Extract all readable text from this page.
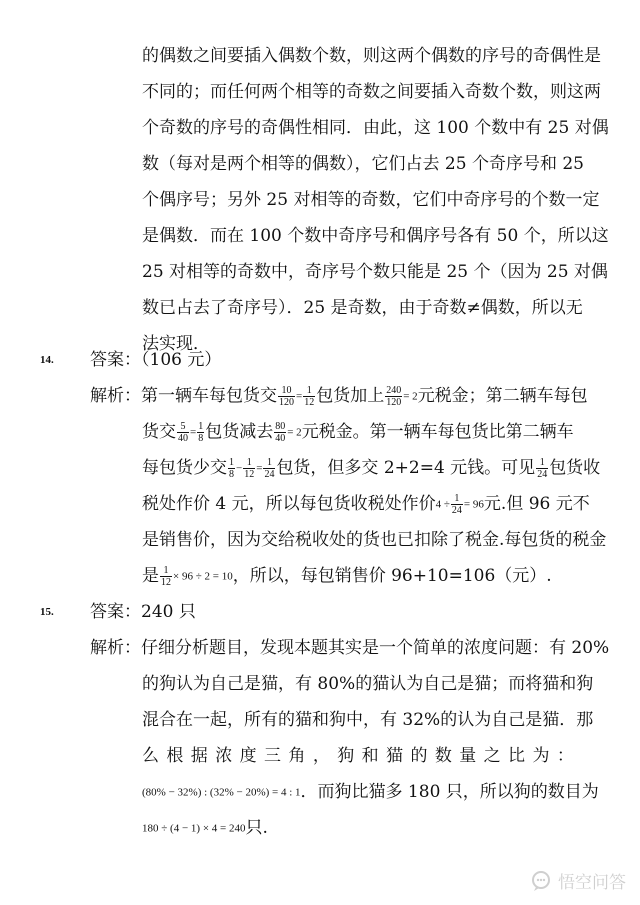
的偶数之间要插入偶数个数，则这两个偶数的序号的奇偶性是
不同的；而任何两个相等的奇数之间要插入奇数个数，则这两
个奇数的序号的奇偶性相同．由此，这 100 个数中有 25 对偶
数（每对是两个相等的偶数），它们占去 25 个奇序号和 25
个偶序号；另外 25 对相等的奇数，它们中奇序号的个数一定
是偶数．而在 100 个数中奇序号和偶序号各有 50 个，所以这
25 对相等的奇数中，奇序号个数只能是 25 个（因为 25 对偶
数已占去了奇序号）．25 是奇数，由于奇数≠偶数，所以无
法实现．
14. 答案：（106 元）
解析：第一辆车每包货交 $\frac{10}{120} = \frac{1}{12}$ 包货加上 $\frac{240}{120} = 2$元税金；第二辆车每包
货交 $\frac{5}{40} = \frac{1}{8}$ 包货减去 $\frac{80}{40} = 2$元税金。第一辆车每包货比第二辆车
每包货少交 $\frac{1}{8} - \frac{1}{12} = \frac{1}{24}$ 包货，但多交 2+2=4 元钱。可见 $\frac{1}{24}$ 包货收
税处作价 4 元，所以每包货收税处作价$4 \div \frac{1}{24} = 96$元.但 96 元不
是销售价，因为交给税收处的货也已扣除了税金.每包货的税金
是 $\frac{1}{12} \times 96 \div 2 = 10$，所以，每包销售价 96+10=106（元）.
15. 答案：240 只
解析：仔细分析题目，发现本题其实是一个简单的浓度问题：有 20%
的狗认为自己是猫，有 80%的猫认为自己是猫；而将猫和狗
混合在一起，所有的猫和狗中，有 32%的认为自己是猫．那
么 根 据 浓 度 三 角 ， 狗 和 猫 的 数 量 之 比 为 ：
(80% − 32%) : (32% − 20%) = 4 : 1．而狗比猫多 180 只，所以狗的数目为
180 ÷ (4 − 1) × 4 = 240只.
悟空问答
